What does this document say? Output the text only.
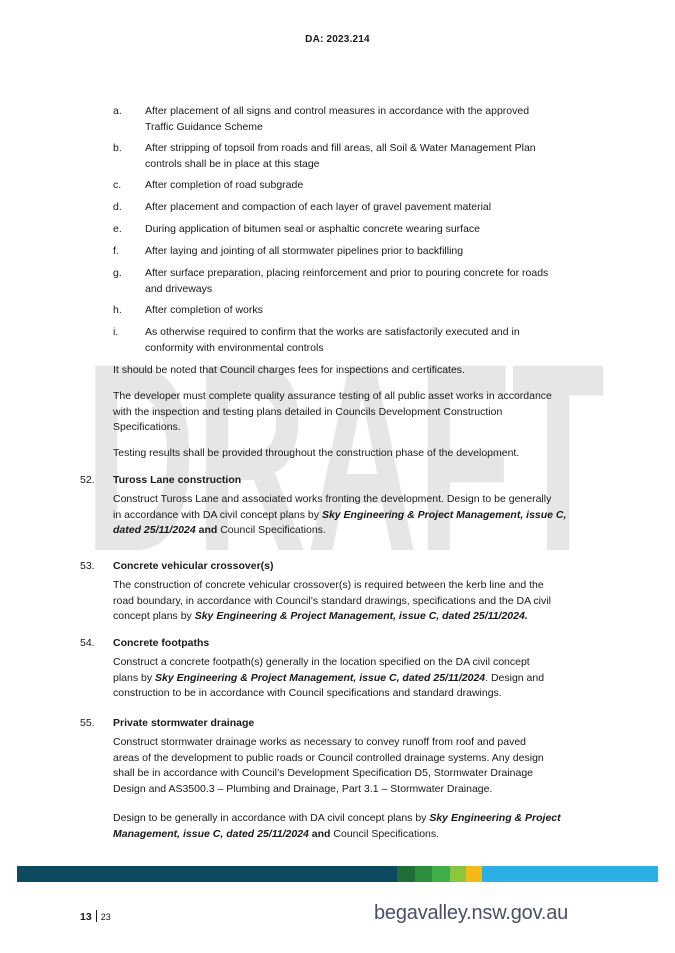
DA: 2023.214
DRAFT
a.	After placement of all signs and control measures in accordance with the approved
Traffic Guidance Scheme
b.	After stripping of topsoil from roads and fill areas, all Soil & Water Management Plan
controls shall be in place at this stage
c.	After completion of road subgrade
d.	After placement and compaction of each layer of gravel pavement material
e.	During application of bitumen seal or asphaltic concrete wearing surface
f.	After laying and jointing of all stormwater pipelines prior to backfilling
g.	After surface preparation, placing reinforcement and prior to pouring concrete for roads
and driveways
h.	After completion of works
i.	As otherwise required to confirm that the works are satisfactorily executed and in
conformity with environmental controls
It should be noted that Council charges fees for inspections and certificates.
The developer must complete quality assurance testing of all public asset works in accordance
with the inspection and testing plans detailed in Councils Development Construction
Specifications.
Testing results shall be provided throughout the construction phase of the development.
52. Tuross Lane construction
Construct Tuross Lane and associated works fronting the development. Design to be generally
in accordance with DA civil concept plans by Sky Engineering & Project Management, issue C,
dated 25/11/2024 and Council Specifications.
53. Concrete vehicular crossover(s)
The construction of concrete vehicular crossover(s) is required between the kerb line and the
road boundary, in accordance with Council’s standard drawings, specifications and the DA civil
concept plans by Sky Engineering & Project Management, issue C, dated 25/11/2024.
54. Concrete footpaths
Construct a concrete footpath(s) generally in the location specified on the DA civil concept
plans by Sky Engineering & Project Management, issue C, dated 25/11/2024. Design and
construction to be in accordance with Council specifications and standard drawings.
55. Private stormwater drainage
Construct stormwater drainage works as necessary to convey runoff from roof and paved
areas of the development to public roads or Council controlled drainage systems. Any design
shall be in accordance with Council’s Development Specification D5, Stormwater Drainage
Design and AS3500.3 – Plumbing and Drainage, Part 3.1 – Stormwater Drainage.
Design to be generally in accordance with DA civil concept plans by Sky Engineering & Project
Management, issue C, dated 25/11/2024 and Council Specifications.
13 23	begavalley.nsw.gov.au
